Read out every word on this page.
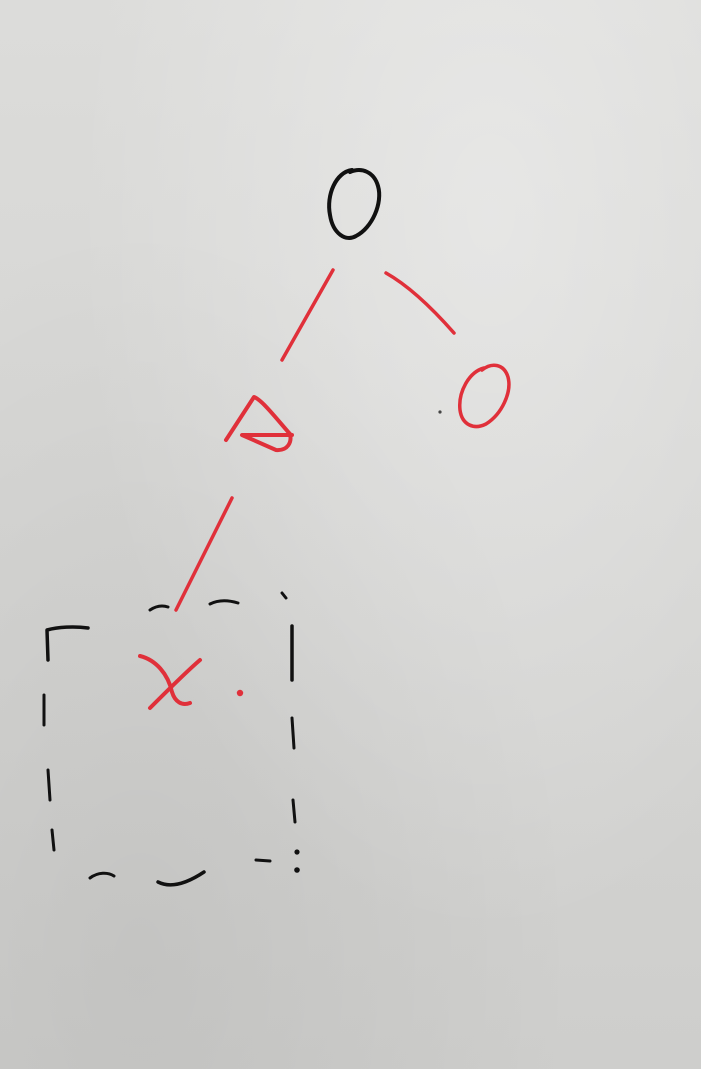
O
A
0
x.
